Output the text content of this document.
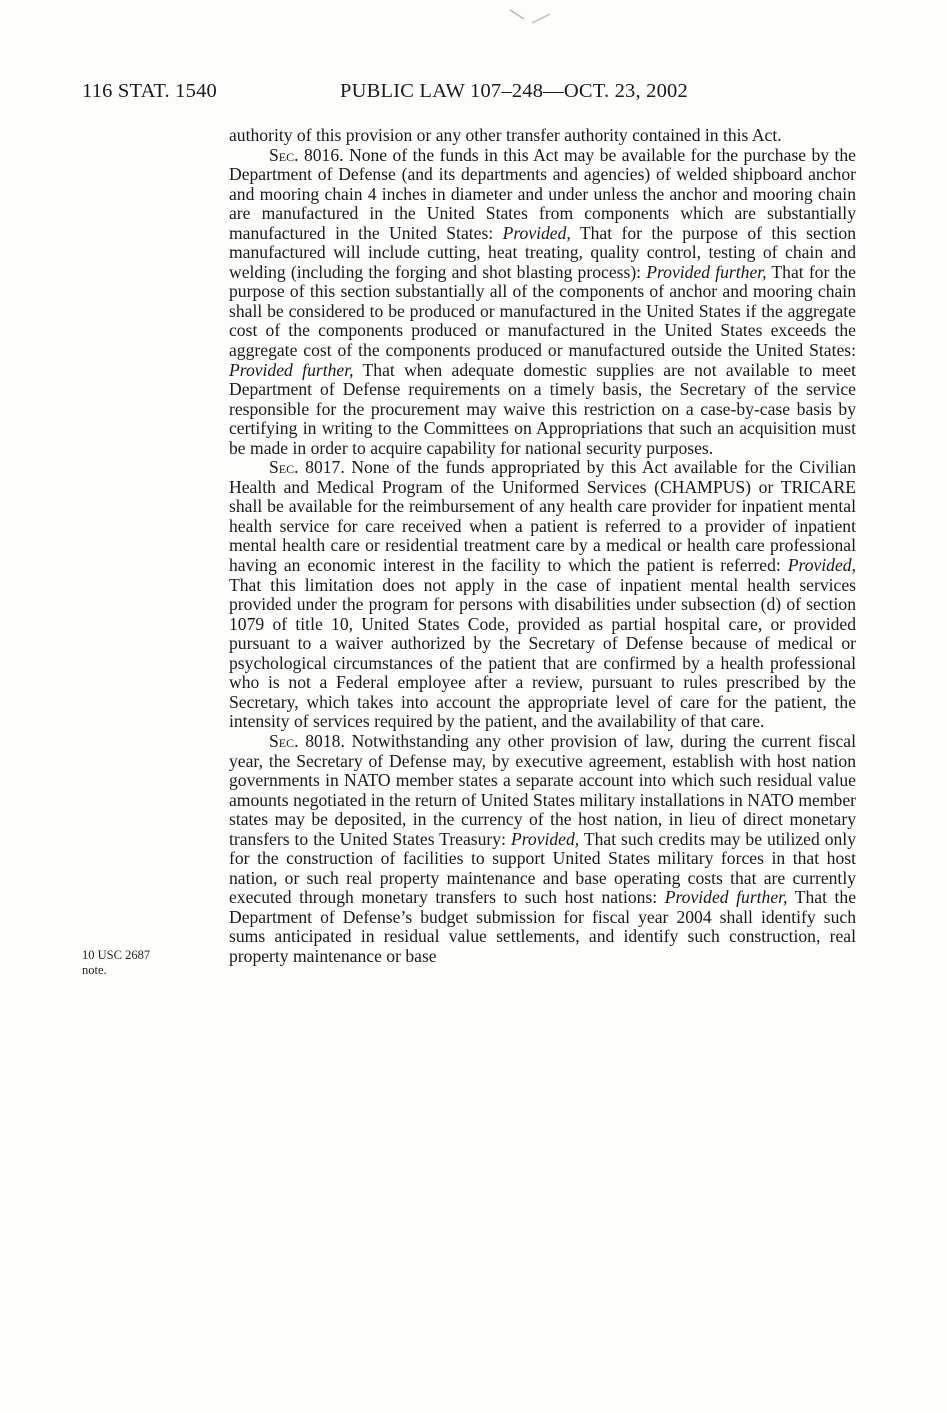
116 STAT. 1540	PUBLIC LAW 107–248—OCT. 23, 2002
10 USC 2687
note.

authority of this provision or any other transfer authority contained in this Act.

Sec. 8016. None of the funds in this Act may be available for the purchase by the Department of Defense (and its departments and agencies) of welded shipboard anchor and mooring chain 4 inches in diameter and under unless the anchor and mooring chain are manufactured in the United States from components which are substantially manufactured in the United States: Provided, That for the purpose of this section manufactured will include cutting, heat treating, quality control, testing of chain and welding (including the forging and shot blasting process): Provided further, That for the purpose of this section substantially all of the components of anchor and mooring chain shall be considered to be produced or manufactured in the United States if the aggregate cost of the components produced or manufactured in the United States exceeds the aggregate cost of the components produced or manufactured outside the United States: Provided further, That when adequate domestic supplies are not available to meet Department of Defense requirements on a timely basis, the Secretary of the service responsible for the procurement may waive this restriction on a case-by-case basis by certifying in writing to the Committees on Appropriations that such an acquisition must be made in order to acquire capability for national security purposes.

Sec. 8017. None of the funds appropriated by this Act available for the Civilian Health and Medical Program of the Uniformed Services (CHAMPUS) or TRICARE shall be available for the reimbursement of any health care provider for inpatient mental health service for care received when a patient is referred to a provider of inpatient mental health care or residential treatment care by a medical or health care professional having an economic interest in the facility to which the patient is referred: Provided, That this limitation does not apply in the case of inpatient mental health services provided under the program for persons with disabilities under subsection (d) of section 1079 of title 10, United States Code, provided as partial hospital care, or provided pursuant to a waiver authorized by the Secretary of Defense because of medical or psychological circumstances of the patient that are confirmed by a health professional who is not a Federal employee after a review, pursuant to rules prescribed by the Secretary, which takes into account the appropriate level of care for the patient, the intensity of services required by the patient, and the availability of that care.

Sec. 8018. Notwithstanding any other provision of law, during the current fiscal year, the Secretary of Defense may, by executive agreement, establish with host nation governments in NATO member states a separate account into which such residual value amounts negotiated in the return of United States military installations in NATO member states may be deposited, in the currency of the host nation, in lieu of direct monetary transfers to the United States Treasury: Provided, That such credits may be utilized only for the construction of facilities to support United States military forces in that host nation, or such real property maintenance and base operating costs that are currently executed through monetary transfers to such host nations: Provided further, That the Department of Defense’s budget submission for fiscal year 2004 shall identify such sums anticipated in residual value settlements, and identify such construction, real property maintenance or base
